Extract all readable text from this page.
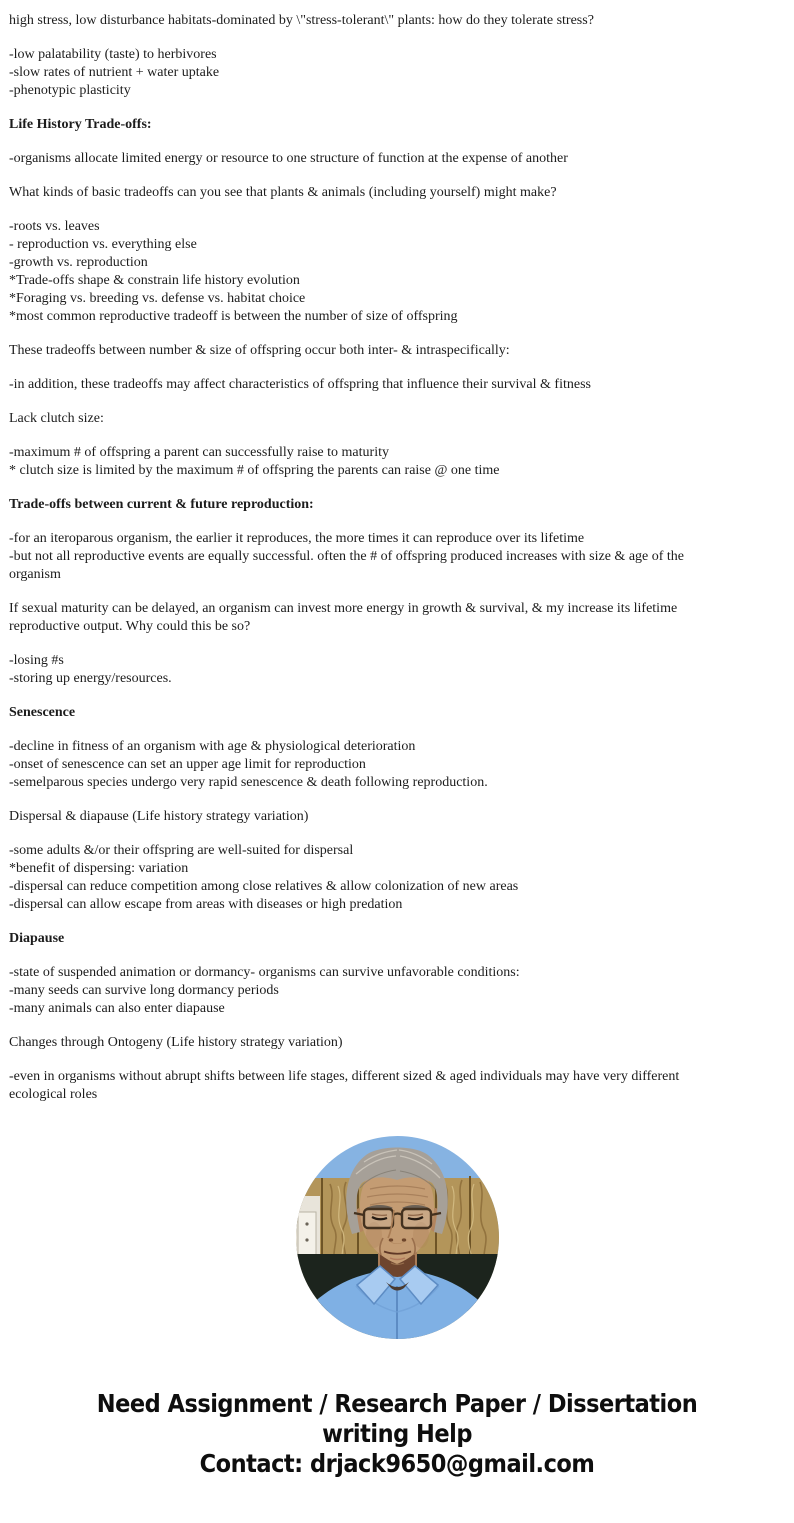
high stress, low disturbance habitats-dominated by \"stress-tolerant\" plants: how do they tolerate stress?
-low palatability (taste) to herbivores
-slow rates of nutrient + water uptake
-phenotypic plasticity
Life History Trade-offs:
-organisms allocate limited energy or resource to one structure of function at the expense of another
What kinds of basic tradeoffs can you see that plants & animals (including yourself) might make?
-roots vs. leaves
- reproduction vs. everything else
-growth vs. reproduction
*Trade-offs shape & constrain life history evolution
*Foraging vs. breeding vs. defense vs. habitat choice
*most common reproductive tradeoff is between the number of size of offspring
These tradeoffs between number & size of offspring occur both inter- & intraspecifically:
-in addition, these tradeoffs may affect characteristics of offspring that influence their survival & fitness
Lack clutch size:
-maximum # of offspring a parent can successfully raise to maturity
* clutch size is limited by the maximum # of offspring the parents can raise @ one time
Trade-offs between current & future reproduction:
-for an iteroparous organism, the earlier it reproduces, the more times it can reproduce over its lifetime
-but not all reproductive events are equally successful. often the # of offspring produced increases with size & age of the
organism
If sexual maturity can be delayed, an organism can invest more energy in growth & survival, & my increase its lifetime
reproductive output. Why could this be so?
-losing #s
-storing up energy/resources.
Senescence
-decline in fitness of an organism with age & physiological deterioration
-onset of senescence can set an upper age limit for reproduction
-semelparous species undergo very rapid senescence & death following reproduction.
Dispersal & diapause (Life history strategy variation)
-some adults &/or their offspring are well-suited for dispersal
*benefit of dispersing: variation
-dispersal can reduce competition among close relatives & allow colonization of new areas
-dispersal can allow escape from areas with diseases or high predation
Diapause
-state of suspended animation or dormancy- organisms can survive unfavorable conditions:
-many seeds can survive long dormancy periods
-many animals can also enter diapause
Changes through Ontogeny (Life history strategy variation)
-even in organisms without abrupt shifts between life stages, different sized & aged individuals may have very different
ecological roles
Need Assignment / Research Paper / Dissertation
writing Help
Contact: drjack9650@gmail.com
